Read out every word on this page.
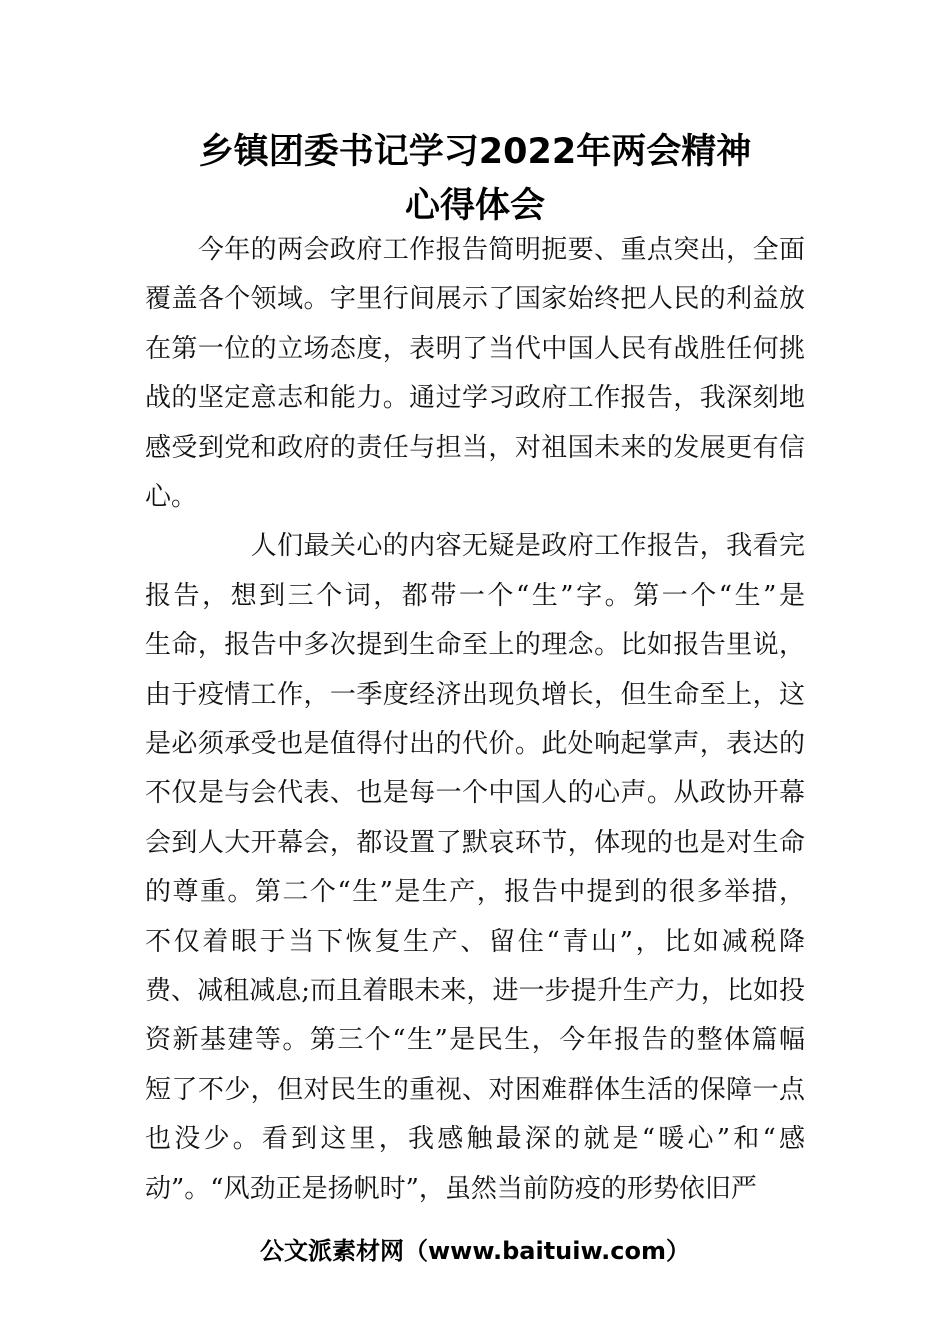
乡镇团委书记学习2022年两会精神
心得体会
　　今年的两会政府工作报告简明扼要、重点突出，全面
覆盖各个领域。字里行间展示了国家始终把人民的利益放
在第一位的立场态度，表明了当代中国人民有战胜任何挑
战的坚定意志和能力。通过学习政府工作报告，我深刻地
感受到党和政府的责任与担当，对祖国未来的发展更有信
心。
　　　　人们最关心的内容无疑是政府工作报告，我看完
报告，想到三个词，都带一个“生”字。第一个“生”是
生命，报告中多次提到生命至上的理念。比如报告里说，
由于疫情工作，一季度经济出现负增长，但生命至上，这
是必须承受也是值得付出的代价。此处响起掌声，表达的
不仅是与会代表、也是每一个中国人的心声。从政协开幕
会到人大开幕会，都设置了默哀环节，体现的也是对生命
的尊重。第二个“生”是生产，报告中提到的很多举措，
不仅着眼于当下恢复生产、留住“青山”，比如减税降
费、减租减息;而且着眼未来，进一步提升生产力，比如投
资新基建等。第三个“生”是民生，今年报告的整体篇幅
短了不少，但对民生的重视、对困难群体生活的保障一点
也没少。看到这里，我感触最深的就是“暖心”和“感
动”。“风劲正是扬帆时”，虽然当前防疫的形势依旧严
公文派素材网（www.baituiw.com）
